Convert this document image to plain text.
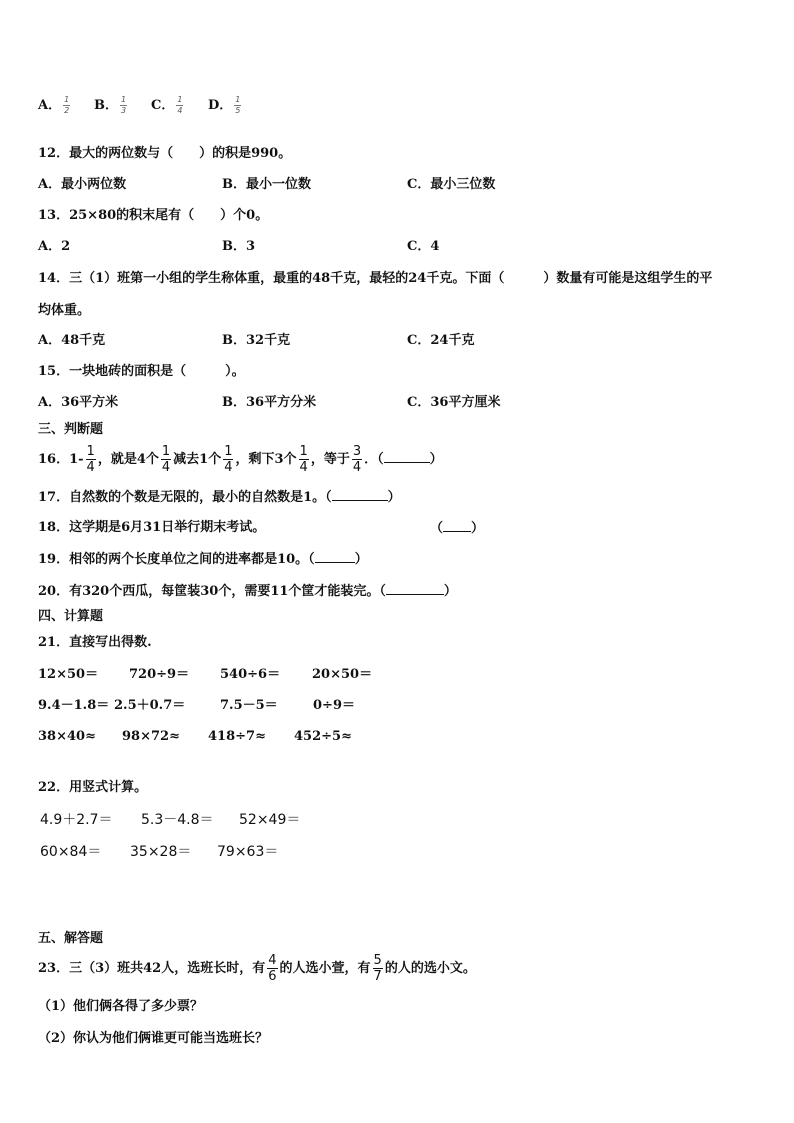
A． $\frac{1}{2}$ B． $\frac{1}{3}$ C． $\frac{1}{4}$ D． $\frac{1}{5}$
12．最大的两位数与（　　）的积是990。
A．最小两位数	B．最小一位数	C．最小三位数
13．25×80的积末尾有（　　）个0。
A．2	B．3	C．4
14．三（1）班第一小组的学生称体重，最重的48千克，最轻的24千克。下面（　　　）数量有可能是这组学生的平
均体重。
A．48千克	B．32千克	C．24千克
15．一块地砖的面积是（　　　）。
A．36平方米	B．36平方分米	C．36平方厘米
三、判断题
16．$1- \frac{1}{4}$ ，就是4个 $\frac{1}{4}$ 减去1个 $\frac{1}{4}$ ，剩下3个 $\frac{1}{4}$ ，等于 $\frac{3}{4}$ ．（	）
17．自然数的个数是无限的，最小的自然数是1。（	）
18．这学期是6月31日举行期末考试。	（ ）
19．相邻的两个长度单位之间的进率都是10。（	）
20．有320个西瓜，每筐装30个，需要11个筐才能装完。（	）
四、计算题
21．直接写出得数.
12×50＝ 720÷9＝ 540÷6＝ 20×50＝
9.4－1.8＝ 2.5＋0.7＝	7.5－5＝	0÷9＝
38×40≈ 98×72≈ 418÷7≈ 452÷5≈
22．用竖式计算。
4.9＋2.7＝ 5.3－4.8＝ 52×49＝
60×84＝ 35×28＝ 79×63＝
五、解答题
23．三（3）班共42人，选班长时，有 $\frac{4}{6}$ 的人选小萱，有 $\frac{5}{7}$ 的人的选小文。
（1）他们俩各得了多少票？
（2）你认为他们俩谁更可能当选班长？
